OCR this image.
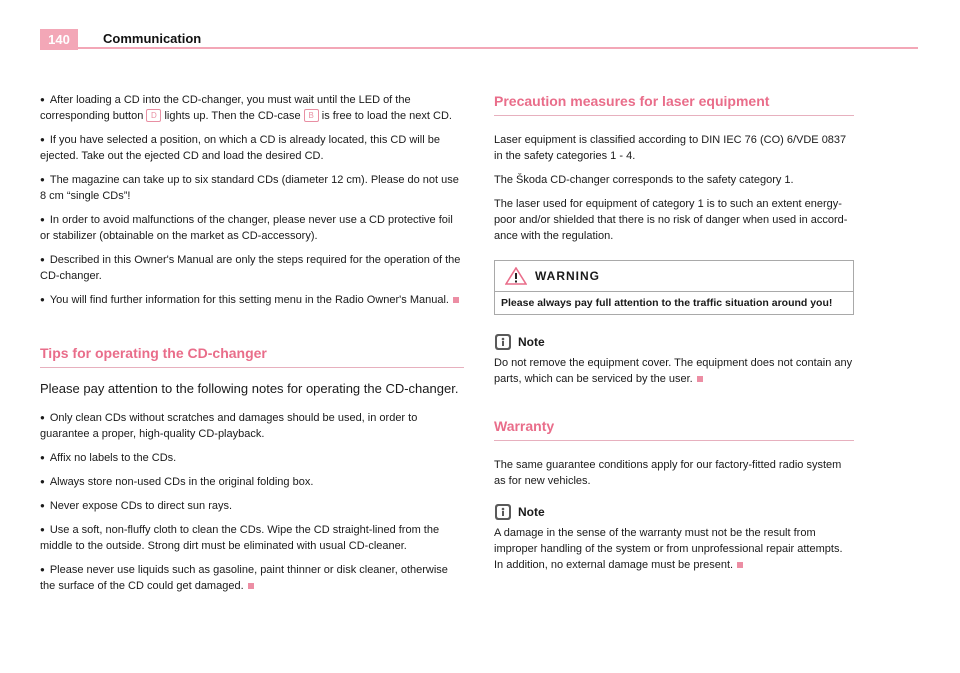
140	Communication

● After loading a CD into the CD-changer, you must wait until the LED of the corresponding button D lights up. Then the CD-case B is free to load the next CD.

● If you have selected a position, on which a CD is already located, this CD will be ejected. Take out the ejected CD and load the desired CD.

● The magazine can take up to six standard CDs (diameter 12 cm). Please do not use 8 cm “single CDs”!

● In order to avoid malfunctions of the changer, please never use a CD protective foil or stabilizer (obtainable on the market as CD-accessory).

● Described in this Owner's Manual are only the steps required for the operation of the CD-changer.

● You will find further information for this setting menu in the Radio Owner's Manual.

Tips for operating the CD-changer

Please pay attention to the following notes for operating the CD-changer.

● Only clean CDs without scratches and damages should be used, in order to guarantee a proper, high-quality CD-playback.

● Affix no labels to the CDs.

● Always store non-used CDs in the original folding box.

● Never expose CDs to direct sun rays.

● Use a soft, non-fluffy cloth to clean the CDs. Wipe the CD straight-lined from the middle to the outside. Strong dirt must be eliminated with usual CD-cleaner.

● Please never use liquids such as gasoline, paint thinner or disk cleaner, otherwise the surface of the CD could get damaged.

Precaution measures for laser equipment

Laser equipment is classified according to DIN IEC 76 (CO) 6/VDE 0837 in the safety categories 1 - 4.

The Škoda CD-changer corresponds to the safety category 1.

The laser used for equipment of category 1 is to such an extent energy-poor and/or shielded that there is no risk of danger when used in accord-ance with the regulation.

WARNING
Please always pay full attention to the traffic situation around you!
Note

Do not remove the equipment cover. The equipment does not contain any parts, which can be serviced by the user.

Warranty

The same guarantee conditions apply for our factory-fitted radio system as for new vehicles.

Note

A damage in the sense of the warranty must not be the result from improper handling of the system or from unprofessional repair attempts. In addition, no external damage must be present.
